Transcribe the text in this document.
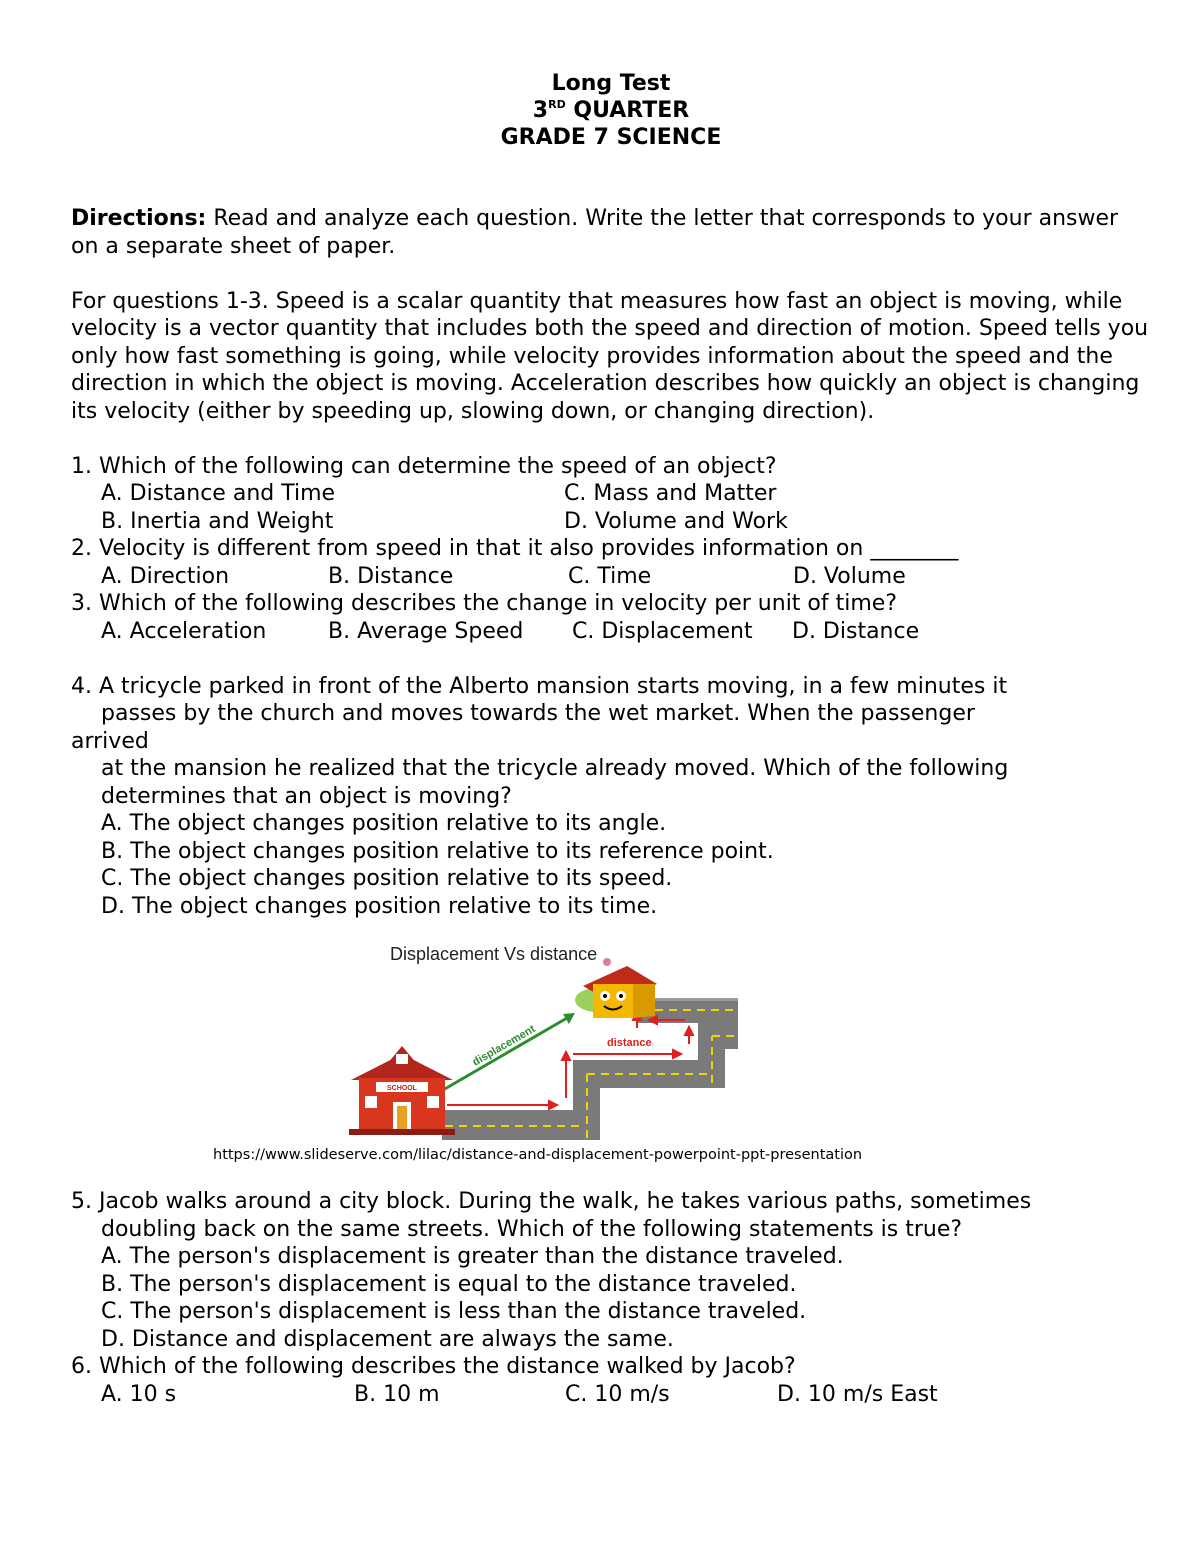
Long Test
3RD QUARTER
GRADE 7 SCIENCE

Directions: Read and analyze each question. Write the letter that corresponds to your answer on a separate sheet of paper.

For questions 1-3. Speed is a scalar quantity that measures how fast an object is moving, while velocity is a vector quantity that includes both the speed and direction of motion. Speed tells you only how fast something is going, while velocity provides information about the speed and the direction in which the object is moving. Acceleration describes how quickly an object is changing its velocity (either by speeding up, slowing down, or changing direction).

1. Which of the following can determine the speed of an object?
A. Distance and Time	C. Mass and Matter
B. Inertia and Weight	D. Volume and Work
2. Velocity is different from speed in that it also provides information on ________
A. Direction	B. Distance	C. Time	D. Volume
3. Which of the following describes the change in velocity per unit of time?
A. Acceleration	B. Average Speed C. Displacement D. Distance
4. A tricycle parked in front of the Alberto mansion starts moving, in a few minutes it
passes by the church and moves towards the wet market. When the passenger
arrived
at the mansion he realized that the tricycle already moved. Which of the following
determines that an object is moving?
A. The object changes position relative to its angle.
B. The object changes position relative to its reference point.
C. The object changes position relative to its speed.
D. The object changes position relative to its time.
Displacement Vs distance
distance
displacement
SCHOOL
https://www.slideserve.com/lilac/distance-and-displacement-powerpoint-ppt-presentation
5. Jacob walks around a city block. During the walk, he takes various paths, sometimes
doubling back on the same streets. Which of the following statements is true?
A. The person's displacement is greater than the distance traveled.
B. The person's displacement is equal to the distance traveled.
C. The person's displacement is less than the distance traveled.
D. Distance and displacement are always the same.
6. Which of the following describes the distance walked by Jacob?
A. 10 s	B. 10 m	C. 10 m/s	D. 10 m/s East
